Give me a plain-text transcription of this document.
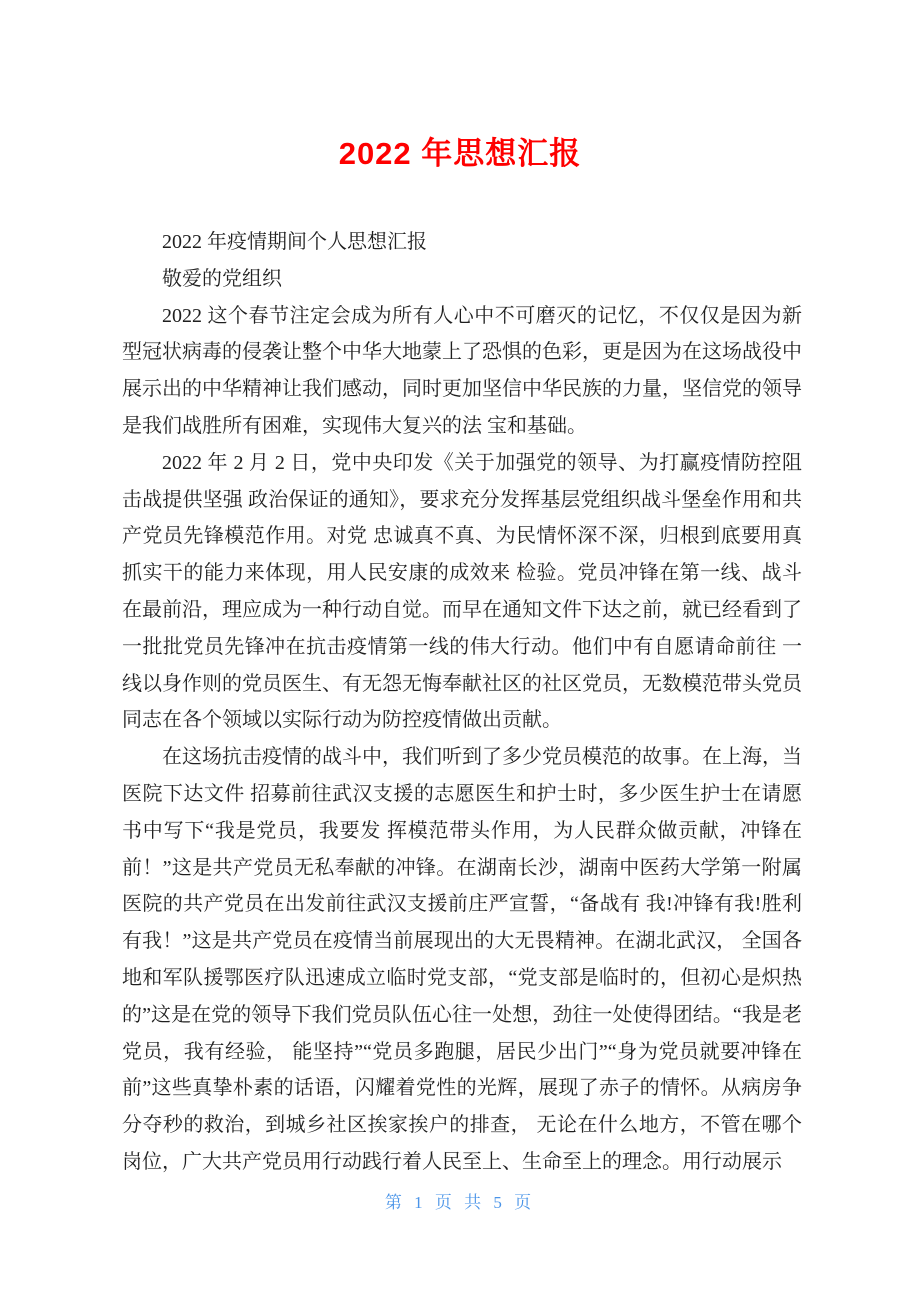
2022 年思想汇报

2022 年疫情期间个人思想汇报

敬爱的党组织

2022 这个春节注定会成为所有人心中不可磨灭的记忆，不仅仅是因为新型冠状病毒的侵袭让整个中华大地蒙上了恐惧的色彩，更是因为在这场战役中展示出的中华精神让我们感动，同时更加坚信中华民族的力量，坚信党的领导是我们战胜所有困难，实现伟大复兴的法 宝和基础。

2022 年 2 月 2 日，党中央印发《关于加强党的领导、为打赢疫情防控阻击战提供坚强 政治保证的通知》，要求充分发挥基层党组织战斗堡垒作用和共产党员先锋模范作用。对党 忠诚真不真、为民情怀深不深，归根到底要用真抓实干的能力来体现，用人民安康的成效来 检验。党员冲锋在第一线、战斗在最前沿，理应成为一种行动自觉。而早在通知文件下达之前，就已经看到了一批批党员先锋冲在抗击疫情第一线的伟大行动。他们中有自愿请命前往 一线以身作则的党员医生、有无怨无悔奉献社区的社区党员，无数模范带头党员同志在各个领域以实际行动为防控疫情做出贡献。

在这场抗击疫情的战斗中，我们听到了多少党员模范的故事。在上海，当医院下达文件 招募前往武汉支援的志愿医生和护士时，多少医生护士在请愿书中写下“我是党员，我要发 挥模范带头作用，为人民群众做贡献，冲锋在前！”这是共产党员无私奉献的冲锋。在湖南长沙，湖南中医药大学第一附属医院的共产党员在出发前往武汉支援前庄严宣誓，“备战有 我!冲锋有我!胜利有我！”这是共产党员在疫情当前展现出的大无畏精神。在湖北武汉， 全国各地和军队援鄂医疗队迅速成立临时党支部，“党支部是临时的，但初心是炽热的”这是在党的领导下我们党员队伍心往一处想，劲往一处使得团结。“我是老党员，我有经验， 能坚持”“党员多跑腿，居民少出门”“身为党员就要冲锋在前”这些真挚朴素的话语，闪耀着党性的光辉，展现了赤子的情怀。从病房争分夺秒的救治，到城乡社区挨家挨户的排查， 无论在什么地方，不管在哪个岗位，广大共产党员用行动践行着人民至上、生命至上的理念。用行动展示

第 1 页 共 5 页
